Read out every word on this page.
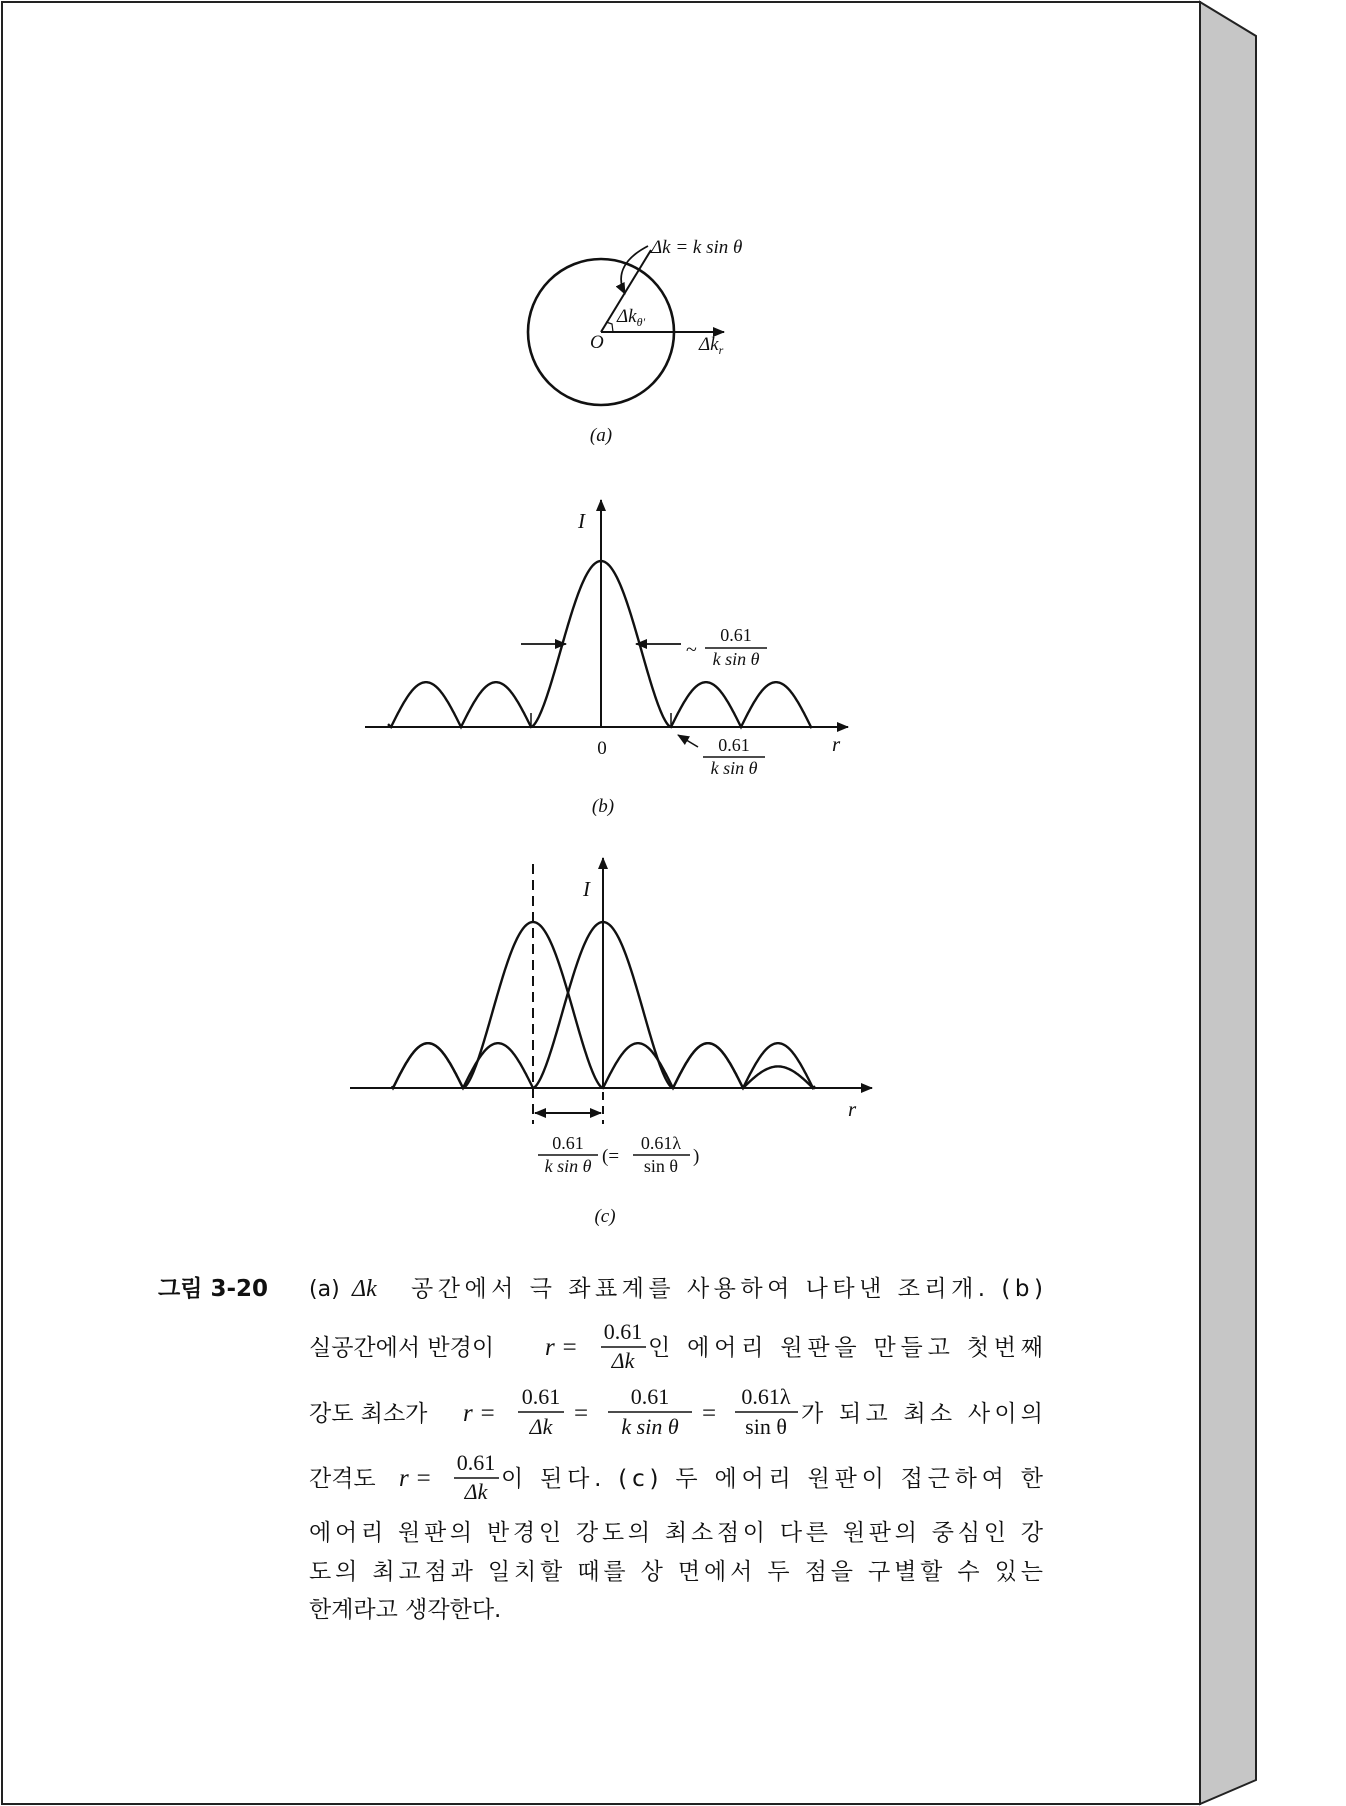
Δk = k sin θ
$\Delta k_{\theta'}$
O	$\Delta k_r$
(a)
I
r
0
~
0.61
k sin θ
0.61
k sin θ
(b)
I
r
0.61
k sin θ (=
0.61λ
sin θ )
(c)
그림 3-20 (a) Δk⃗ 공간에서 극 좌표계를 사용하여 나타낸 조리개. (b)
실공간에서 반경이 r =
0.61
Δk 인 에어리 원판을 만들고 첫번째
강도 최소가 r =
0.61
Δk =
0.61
k sin θ =
0.61λ
sin θ 가 되고 최소 사이의
간격도 r =
0.61
Δk 이 된다. (c) 두 에어리 원판이 접근하여 한
에어리 원판의 반경인 강도의 최소점이 다른 원판의 중심인 강
도의 최고점과 일치할 때를 상 면에서 두 점을 구별할 수 있는
한계라고 생각한다.
